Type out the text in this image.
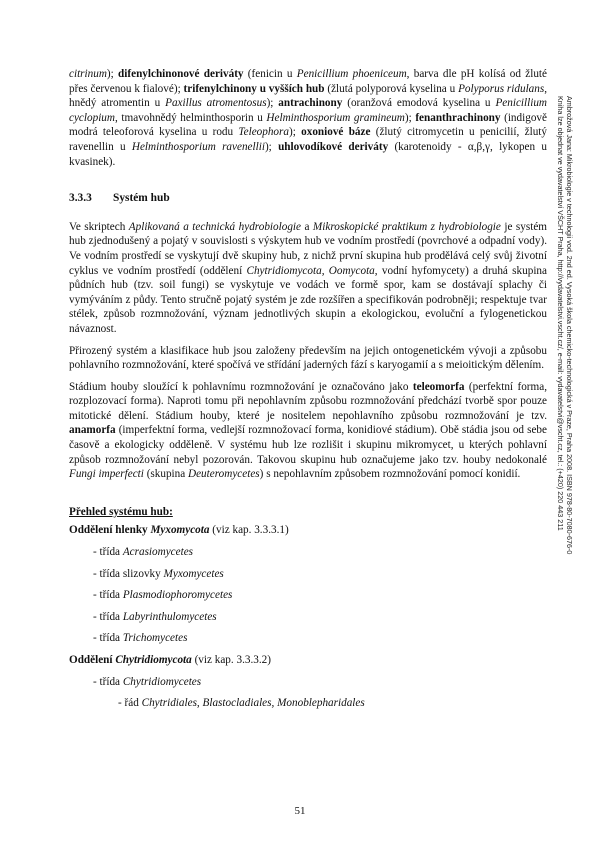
citrinum); difenylchinonové deriváty (fenicin u Penicillium phoeniceum, barva dle pH kolísá od žluté přes červenou k fialové); trifenylchinony u vyšších hub (žlutá polyporová kyselina u Polyporus ridulans, hnědý atromentin u Paxillus atromentosus); antrachinony (oranžová emodová kyselina u Penicillium cyclopium, tmavohnědý helminthosporin u Helminthosporium gramineum); fenanthrachinony (indigově modrá teleoforová kyselina u rodu Teleophora); oxoniové báze (žlutý citromycetin u penicilií, žlutý ravenellin u Helminthosporium ravenellii); uhlovodíkové deriváty (karotenoidy - α,β,γ, lykopen u kvasinek).

3.3.3 Systém hub

Ve skriptech Aplikovaná a technická hydrobiologie a Mikroskopické praktikum z hydrobiologie je systém hub zjednodušený a pojatý v souvislosti s výskytem hub ve vodním prostředí (povrchové a odpadní vody). Ve vodním prostředí se vyskytují dvě skupiny hub, z nichž první skupina hub prodělává celý svůj životní cyklus ve vodním prostředí (oddělení Chytridiomycota, Oomycota, vodní hyfomycety) a druhá skupina půdních hub (tzv. soil fungi) se vyskytuje ve vodách ve formě spor, kam se dostávají splachy či vymýváním z půdy. Tento stručně pojatý systém je zde rozšířen a specifikován podrobněji; respektuje tvar stélek, způsob rozmnožování, význam jednotlivých skupin a ekologickou, evoluční a fylogenetickou návaznost.

Přirozený systém a klasifikace hub jsou založeny především na jejich ontogenetickém vývoji a způsobu pohlavního rozmnožování, které spočívá ve střídání jaderných fází s karyogamií a s meioitickým dělením.

Stádium houby sloužící k pohlavnímu rozmnožování je označováno jako teleomorfa (perfektní forma, rozplozovací forma). Naproti tomu při nepohlavním způsobu rozmnožování předchází tvorbě spor pouze mitotické dělení. Stádium houby, které je nositelem nepohlavního způsobu rozmnožování je tzv. anamorfa (imperfektní forma, vedlejší rozmnožovací forma, konidiové stádium). Obě stádia jsou od sebe časově a ekologicky odděleně. V systému hub lze rozlišit i skupinu mikromycet, u kterých pohlavní způsob rozmnožování nebyl pozorován. Takovou skupinu hub označujeme jako tzv. houby nedokonalé Fungi imperfecti (skupina Deuteromycetes) s nepohlavním způsobem rozmnožování pomocí konidií.

Přehled systému hub:

Oddělení hlenky Myxomycota (viz kap. 3.3.3.1)

- třída Acrasiomycetes
- třída slizovky Myxomycetes
- třída Plasmodiophoromycetes
- třída Labyrinthulomycetes
- třída Trichomycetes

Oddělení Chytridiomycota (viz kap. 3.3.3.2)

- třída Chytridiomycetes
- řád Chytridiales, Blastocladiales, Monoblepharidales
Ambrožová Jana: Mikrobiologie v technologii vod. 2nd ed. Vysoká škola chemicko-technologická v Praze, Praha 2008. ISBN 978-80-7080-676-0
Kniha lze objednat ve vydavatelství VŠCHT Praha, http://vydavatelstvi.vscht.cz/, e-mail: vydavatelstvi@vscht.cz, tel.: (+420) 220 443 211
51
